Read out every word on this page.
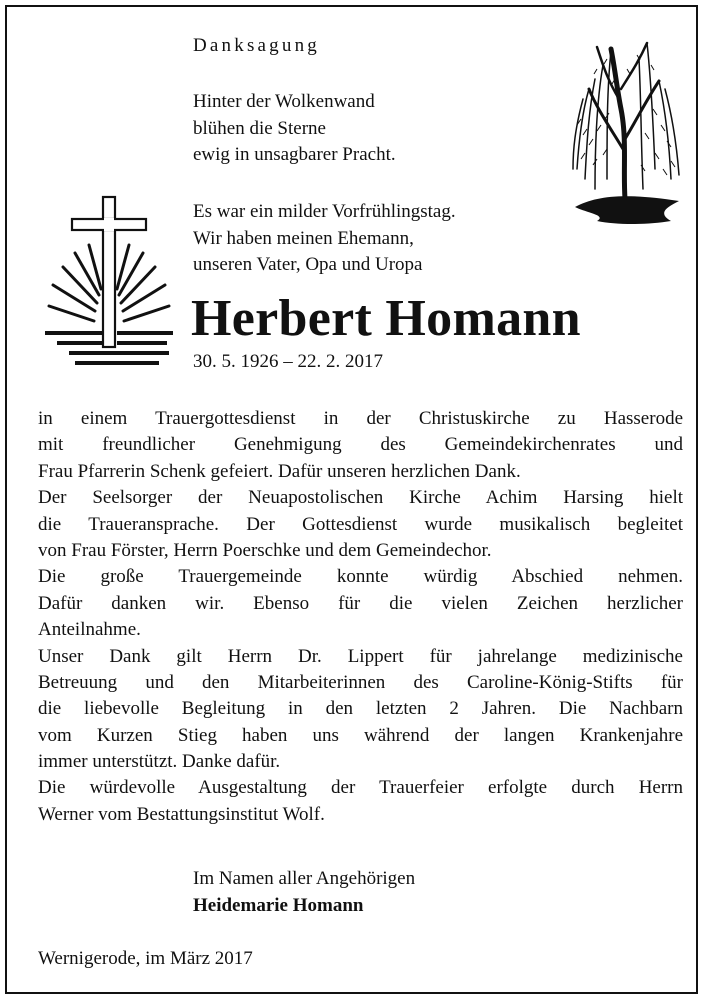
Danksagung
Hinter der Wolkenwand
blühen die Sterne
ewig in unsagbarer Pracht.
Es war ein milder Vorfrühlingstag.
Wir haben meinen Ehemann,
unseren Vater, Opa und Uropa
Herbert Homann
30. 5. 1926 – 22. 2. 2017
in einem Trauergottesdienst in der Christuskirche zu Hasserode
mit freundlicher Genehmigung des Gemeindekirchenrates und
Frau Pfarrerin Schenk gefeiert. Dafür unseren herzlichen Dank.
Der Seelsorger der Neuapostolischen Kirche Achim Harsing hielt
die Traueransprache. Der Gottesdienst wurde musikalisch begleitet
von Frau Förster, Herrn Poerschke und dem Gemeindechor.
Die große Trauergemeinde konnte würdig Abschied nehmen.
Dafür danken wir. Ebenso für die vielen Zeichen herzlicher
Anteilnahme.
Unser Dank gilt Herrn Dr. Lippert für jahrelange medizinische
Betreuung und den Mitarbeiterinnen des Caroline-König-Stifts für
die liebevolle Begleitung in den letzten 2 Jahren. Die Nachbarn
vom Kurzen Stieg haben uns während der langen Krankenjahre
immer unterstützt. Danke dafür.
Die würdevolle Ausgestaltung der Trauerfeier erfolgte durch Herrn
Werner vom Bestattungsinstitut Wolf.
Im Namen aller Angehörigen
Heidemarie Homann
Wernigerode, im März 2017
